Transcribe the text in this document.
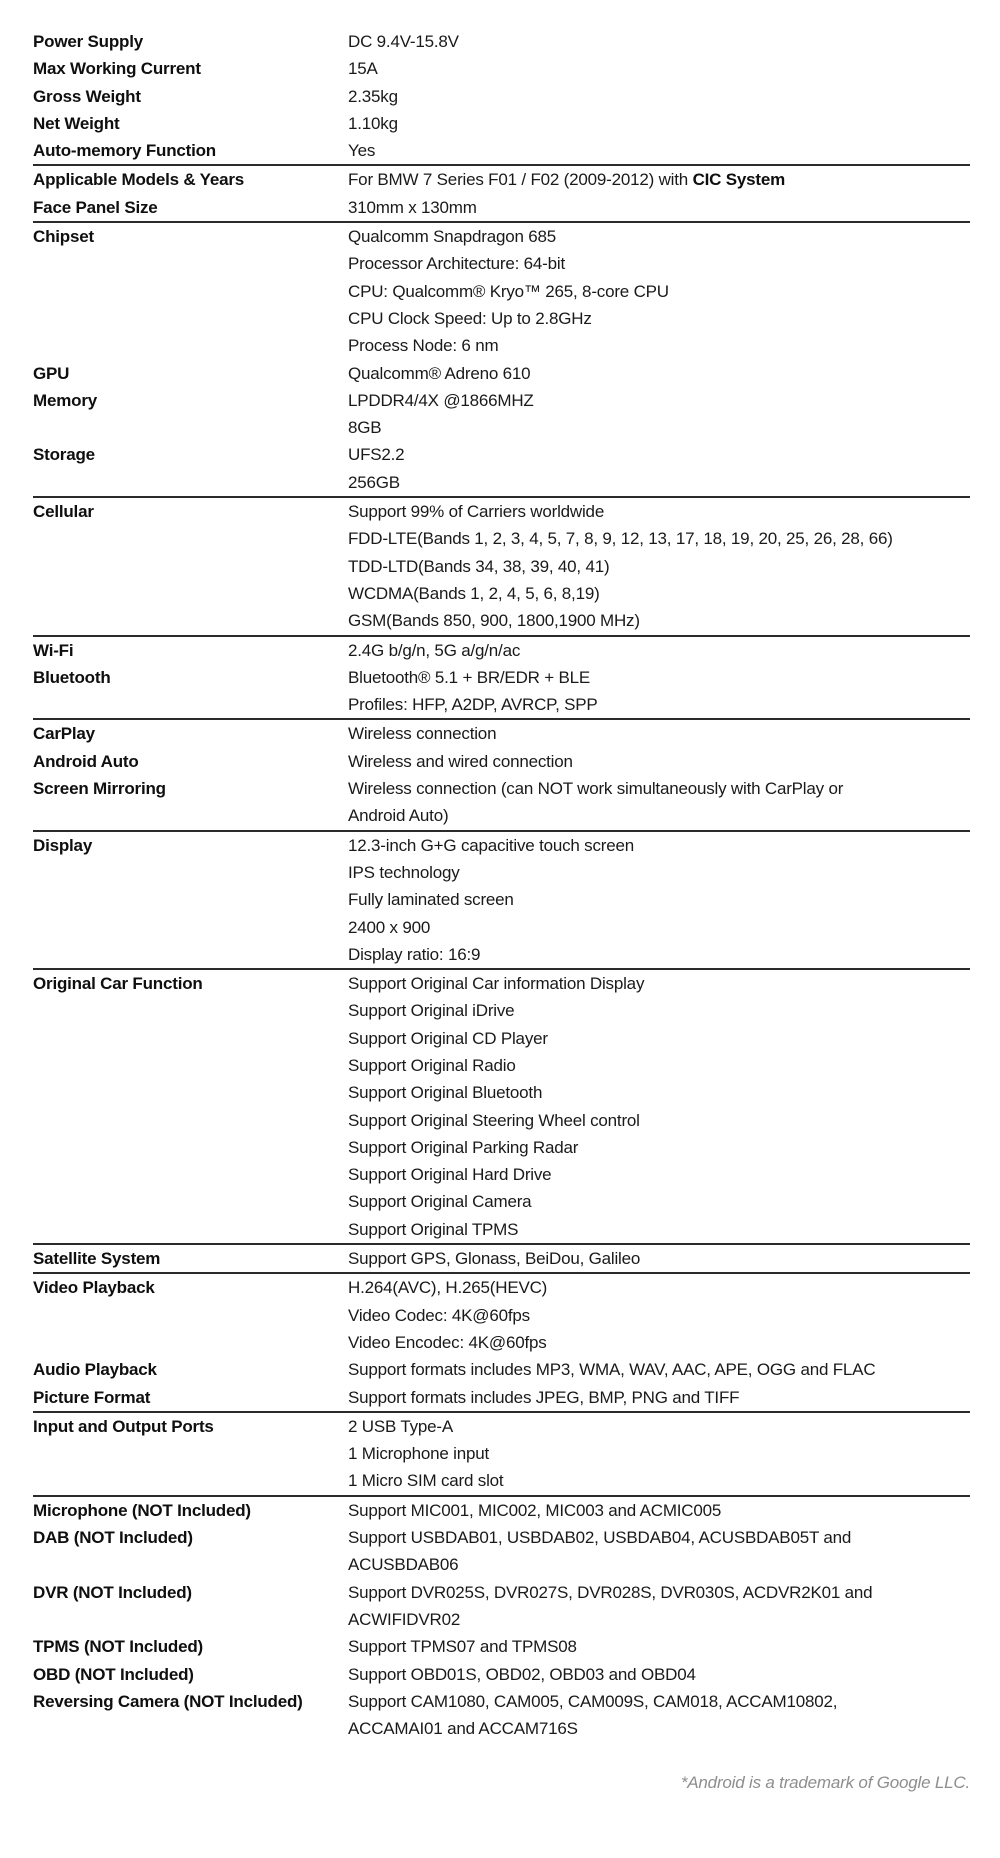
Power Supply	DC 9.4V-15.8V
Max Working Current	15A
Gross Weight	2.35kg
Net Weight	1.10kg
Auto-memory Function	Yes
Applicable Models & Years	For BMW 7 Series F01 / F02 (2009-2012) with CIC System
Face Panel Size	310mm x 130mm
Chipset	Qualcomm Snapdragon 685
Processor Architecture: 64-bit
CPU: Qualcomm® Kryo™ 265, 8-core CPU
CPU Clock Speed: Up to 2.8GHz
Process Node: 6 nm
GPU	Qualcomm® Adreno 610
Memory	LPDDR4/4X @1866MHZ
8GB
Storage	UFS2.2
256GB
Cellular	Support 99% of Carriers worldwide
FDD-LTE(Bands 1, 2, 3, 4, 5, 7, 8, 9, 12, 13, 17, 18, 19, 20, 25, 26, 28, 66)
TDD-LTD(Bands 34, 38, 39, 40, 41)
WCDMA(Bands 1, 2, 4, 5, 6, 8,19)
GSM(Bands 850, 900, 1800,1900 MHz)
Wi-Fi	2.4G b/g/n, 5G a/g/n/ac
Bluetooth	Bluetooth® 5.1 + BR/EDR + BLE
Profiles: HFP, A2DP, AVRCP, SPP
CarPlay	Wireless connection
Android Auto	Wireless and wired connection
Screen Mirroring	Wireless connection (can NOT work simultaneously with CarPlay or
Android Auto)
Display	12.3-inch G+G capacitive touch screen
IPS technology
Fully laminated screen
2400 x 900
Display ratio: 16:9
Original Car Function	Support Original Car information Display
Support Original iDrive
Support Original CD Player
Support Original Radio
Support Original Bluetooth
Support Original Steering Wheel control
Support Original Parking Radar
Support Original Hard Drive
Support Original Camera
Support Original TPMS
Satellite System	Support GPS, Glonass, BeiDou, Galileo
Video Playback	H.264(AVC), H.265(HEVC)
Video Codec: 4K@60fps
Video Encodec: 4K@60fps
Audio Playback	Support formats includes MP3, WMA, WAV, AAC, APE, OGG and FLAC
Picture Format	Support formats includes JPEG, BMP, PNG and TIFF
Input and Output Ports	2 USB Type-A
1 Microphone input
1 Micro SIM card slot
Microphone (NOT Included)	Support MIC001, MIC002, MIC003 and ACMIC005
DAB (NOT Included)	Support USBDAB01, USBDAB02, USBDAB04, ACUSBDAB05T and
ACUSBDAB06
DVR (NOT Included)	Support DVR025S, DVR027S, DVR028S, DVR030S, ACDVR2K01 and
ACWIFIDVR02
TPMS (NOT Included)	Support TPMS07 and TPMS08
OBD (NOT Included)	Support OBD01S, OBD02, OBD03 and OBD04
Reversing Camera (NOT Included)	Support CAM1080, CAM005, CAM009S, CAM018, ACCAM10802,
ACCAMAI01 and ACCAM716S
*Android is a trademark of Google LLC.
